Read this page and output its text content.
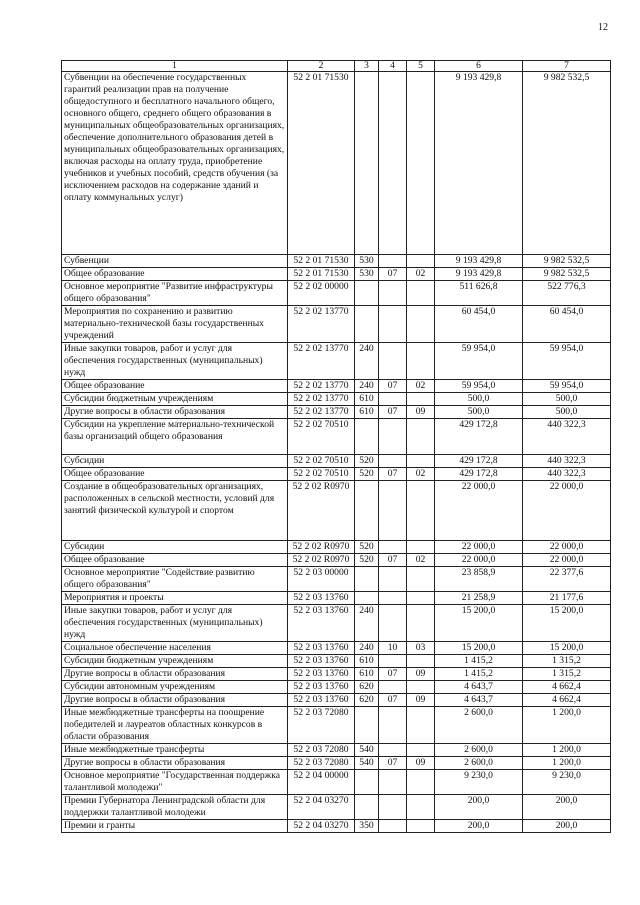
12
1	2	3	4	5	6	7
Субвенции на обеспечение государственных гарантий реализации прав на получение общедоступного и бесплатного начального общего, основного общего, среднего общего образования в муниципальных общеобразовательных организациях, обеспечение дополнительного образования детей в муниципальных общеобразовательных организациях, включая расходы на оплату труда, приобретение учебников и учебных пособий, средств обучения (за исключением расходов на содержание зданий и оплату коммунальных услуг)	52 2 01 71530				9 193 429,8	9 982 532,5
Субвенции	52 2 01 71530	530			9 193 429,8	9 982 532,5
Общее образование	52 2 01 71530	530	07	02	9 193 429,8	9 982 532,5
Основное мероприятие "Развитие инфраструктуры общего образования"	52 2 02 00000				511 626,8	522 776,3
Мероприятия по сохранению и развитию материально-технической базы государственных учреждений	52 2 02 13770				60 454,0	60 454,0
Иные закупки товаров, работ и услуг для обеспечения государственных (муниципальных) нужд	52 2 02 13770	240			59 954,0	59 954,0
Общее образование	52 2 02 13770	240	07	02	59 954,0	59 954,0
Субсидии бюджетным учреждениям	52 2 02 13770	610			500,0	500,0
Другие вопросы в области образования	52 2 02 13770	610	07	09	500,0	500,0
Субсидии на укрепление материально-технической базы организаций общего образования	52 2 02 70510				429 172,8	440 322,3
Субсидии	52 2 02 70510	520			429 172,8	440 322,3
Общее образование	52 2 02 70510	520	07	02	429 172,8	440 322,3
Создание в общеобразовательных организациях, расположенных в сельской местности, условий для занятий физической культурой и спортом	52 2 02 R0970				22 000,0	22 000,0
Субсидии	52 2 02 R0970	520			22 000,0	22 000,0
Общее образование	52 2 02 R0970	520	07	02	22 000,0	22 000,0
Основное мероприятие "Содействие развитию общего образования"	52 2 03 00000				23 858,9	22 377,6
Мероприятия и проекты	52 2 03 13760				21 258,9	21 177,6
Иные закупки товаров, работ и услуг для обеспечения государственных (муниципальных) нужд	52 2 03 13760	240			15 200,0	15 200,0
Социальное обеспечение населения	52 2 03 13760	240	10	03	15 200,0	15 200,0
Субсидии бюджетным учреждениям	52 2 03 13760	610			1 415,2	1 315,2
Другие вопросы в области образования	52 2 03 13760	610	07	09	1 415,2	1 315,2
Субсидии автономным учреждениям	52 2 03 13760	620			4 643,7	4 662,4
Другие вопросы в области образования	52 2 03 13760	620	07	09	4 643,7	4 662,4
Иные межбюджетные трансферты на поощрение победителей и лауреатов областных конкурсов в области образования	52 2 03 72080				2 600,0	1 200,0
Иные межбюджетные трансферты	52 2 03 72080	540			2 600,0	1 200,0
Другие вопросы в области образования	52 2 03 72080	540	07	09	2 600,0	1 200,0
Основное мероприятие "Государственная поддержка талантливой молодежи"	52 2 04 00000				9 230,0	9 230,0
Премии Губернатора Ленинградской области для поддержки талантливой молодежи	52 2 04 03270				200,0	200,0
Премии и гранты	52 2 04 03270	350			200,0	200,0
